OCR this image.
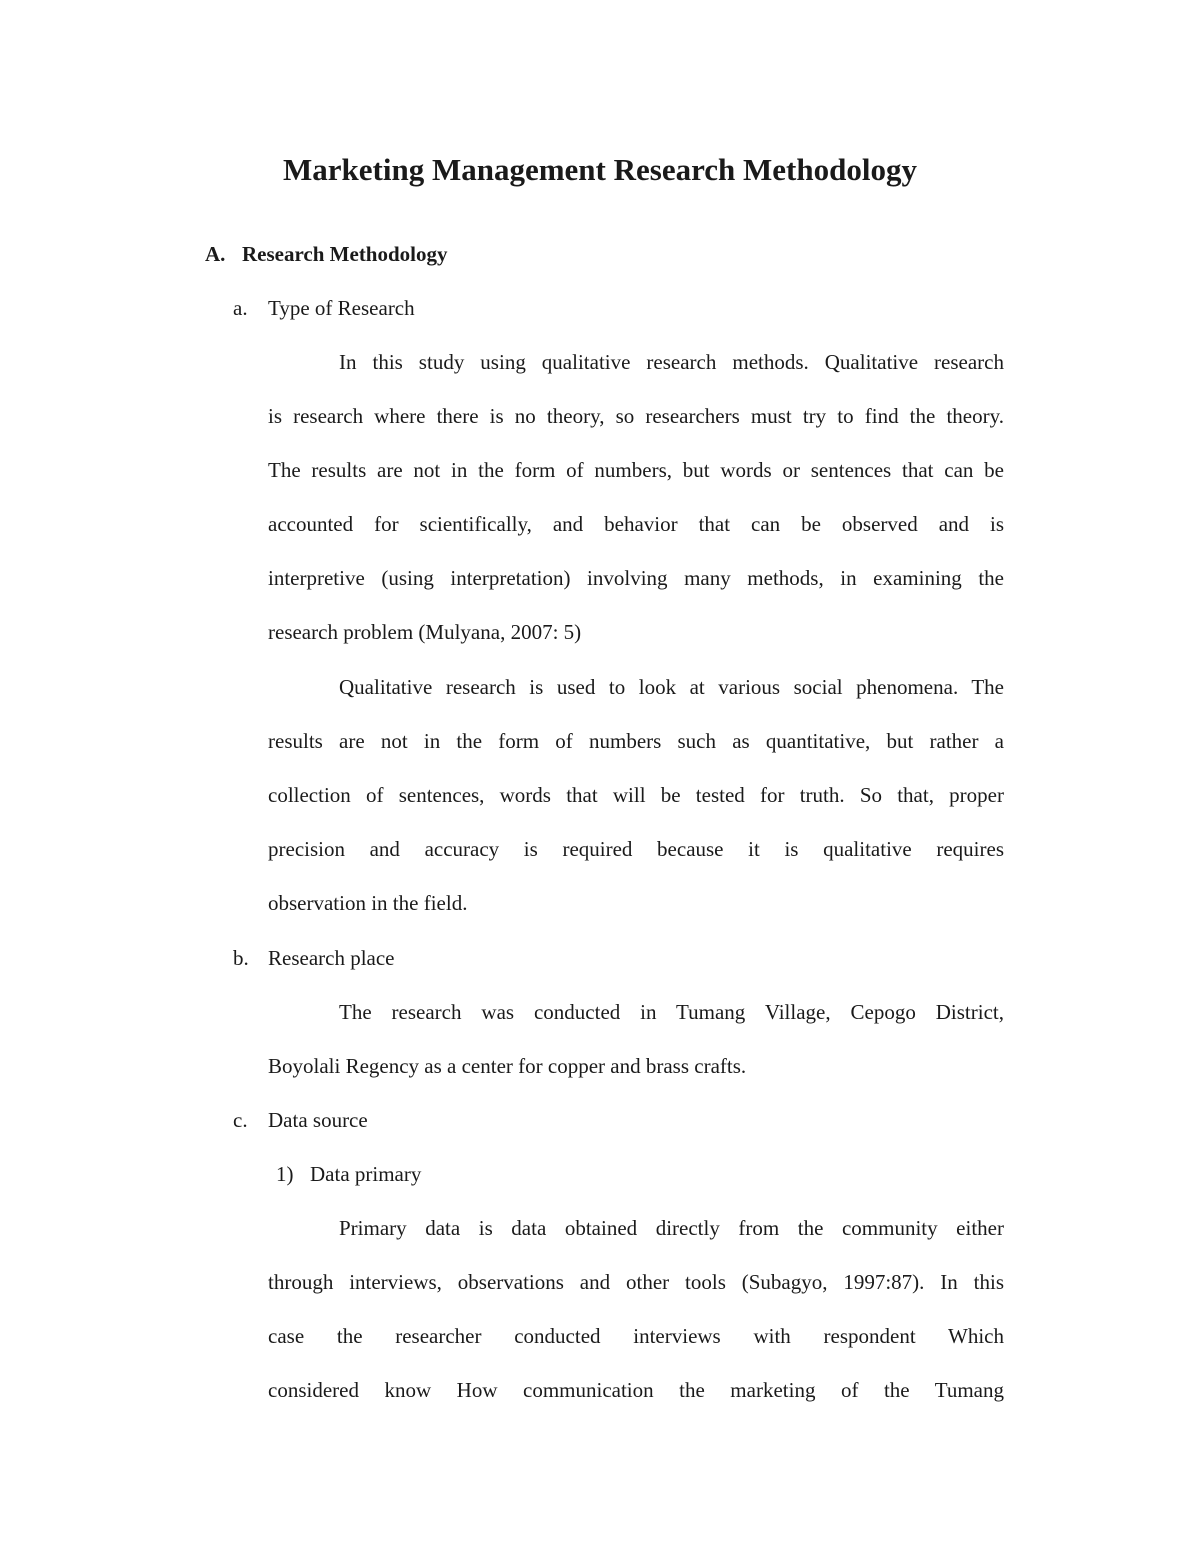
Marketing Management Research Methodology
A. Research Methodology
a. Type of Research
In this study using qualitative research methods. Qualitative research
is research where there is no theory, so researchers must try to find the theory.
The results are not in the form of numbers, but words or sentences that can be
accounted for scientifically, and behavior that can be observed and is
interpretive (using interpretation) involving many methods, in examining the
research problem (Mulyana, 2007: 5)
Qualitative research is used to look at various social phenomena. The
results are not in the form of numbers such as quantitative, but rather a
collection of sentences, words that will be tested for truth. So that, proper
precision and accuracy is required because it is qualitative requires
observation in the field.
b. Research place
The research was conducted in Tumang Village, Cepogo District,
Boyolali Regency as a center for copper and brass crafts.
c. Data source
1) Data primary
Primary data is data obtained directly from the community either
through interviews, observations and other tools (Subagyo, 1997:87). In this
case the researcher conducted interviews with respondent Which
considered know How communication the marketing of the Tumang
